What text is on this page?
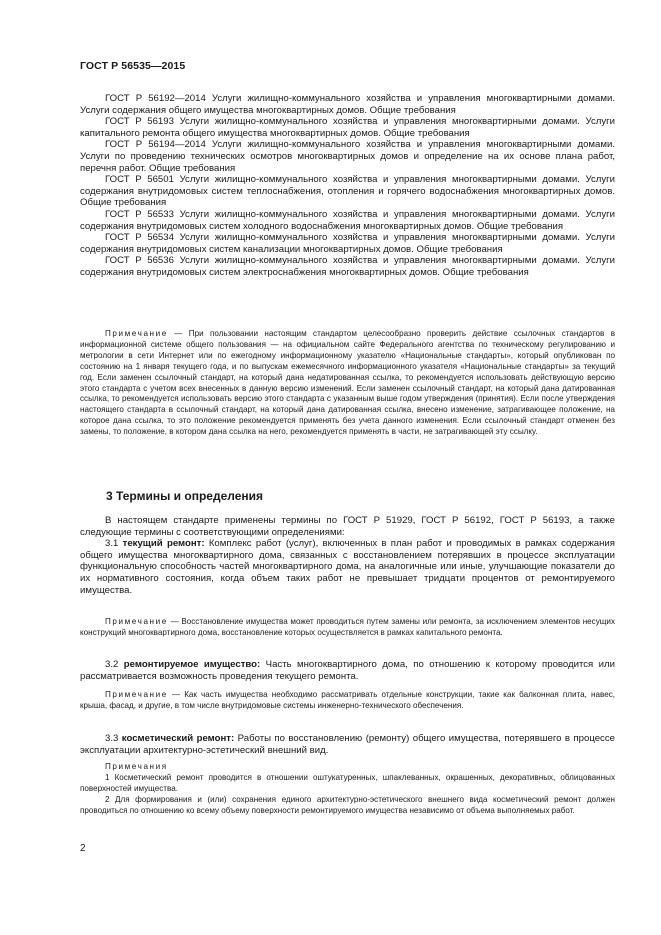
ГОСТ Р 56535—2015

ГОСТ Р 56192—2014 Услуги жилищно-коммунального хозяйства и управления многоквартирными домами. Услуги содержания общего имущества многоквартирных домов. Общие требования

ГОСТ Р 56193 Услуги жилищно-коммунального хозяйства и управления многоквартирными домами. Услуги капитального ремонта общего имущества многоквартирных домов. Общие требования

ГОСТ Р 56194—2014 Услуги жилищно-коммунального хозяйства и управления многоквартирными домами. Услуги по проведению технических осмотров многоквартирных домов и определение на их основе плана работ, перечня работ. Общие требования

ГОСТ Р 56501 Услуги жилищно-коммунального хозяйства и управления многоквартирными домами. Услуги содержания внутридомовых систем теплоснабжения, отопления и горячего водоснабжения многоквартирных домов. Общие требования

ГОСТ Р 56533 Услуги жилищно-коммунального хозяйства и управления многоквартирными домами. Услуги содержания внутридомовых систем холодного водоснабжения многоквартирных домов. Общие требования

ГОСТ Р 56534 Услуги жилищно-коммунального хозяйства и управления многоквартирными домами. Услуги содержания внутридомовых систем канализации многоквартирных домов. Общие требования

ГОСТ Р 56536 Услуги жилищно-коммунального хозяйства и управления многоквартирными домами. Услуги содержания внутридомовых систем электроснабжения многоквартирных домов. Общие требования

Примечание — При пользовании настоящим стандартом целесообразно проверить действие ссылочных стандартов в информационной системе общего пользования — на официальном сайте Федерального агентства по техническому регулированию и метрологии в сети Интернет или по ежегодному информационному указателю «Национальные стандарты», который опубликован по состоянию на 1 января текущего года, и по выпускам ежемесячного информационного указателя «Национальные стандарты» за текущий год. Если заменен ссылочный стандарт, на который дана недатированная ссылка, то рекомендуется использовать действующую версию этого стандарта с учетом всех внесенных в данную версию изменений. Если заменен ссылочный стандарт, на который дана датированная ссылка, то рекомендуется использовать версию этого стандарта с указанным выше годом утверждения (принятия). Если после утверждения настоящего стандарта в ссылочный стандарт, на который дана датированная ссылка, внесено изменение, затрагивающее положение, на которое дана ссылка, то это положение рекомендуется применять без учета данного изменения. Если ссылочный стандарт отменен без замены, то положение, в котором дана ссылка на него, рекомендуется применять в части, не затрагивающей эту ссылку.

3 Термины и определения

В настоящем стандарте применены термины по ГОСТ Р 51929, ГОСТ Р 56192, ГОСТ Р 56193, а также следующие термины с соответствующими определениями:

3.1 текущий ремонт: Комплекс работ (услуг), включенных в план работ и проводимых в рамках содержания общего имущества многоквартирного дома, связанных с восстановлением потерявших в процессе эксплуатации функциональную способность частей многоквартирного дома, на аналогичные или иные, улучшающие показатели до их нормативного состояния, когда объем таких работ не превышает тридцати процентов от ремонтируемого имущества.

Примечание — Восстановление имущества может проводиться путем замены или ремонта, за исключением элементов несущих конструкций многоквартирного дома, восстановление которых осуществляется в рамках капитального ремонта.

3.2 ремонтируемое имущество: Часть многоквартирного дома, по отношению к которому проводится или рассматривается возможность проведения текущего ремонта.

Примечание — Как часть имущества необходимо рассматривать отдельные конструкции, такие как балконная плита, навес, крыша, фасад, и другие, в том числе внутридомовые системы инженерно-технического обеспечения.

3.3 косметический ремонт: Работы по восстановлению (ремонту) общего имущества, потерявшего в процессе эксплуатации архитектурно-эстетический внешний вид.

Примечания

1 Косметический ремонт проводится в отношении оштукатуренных, шпаклеванных, окрашенных, декоративных, облицованных поверхностей имущества.

2 Для формирования и (или) сохранения единого архитектурно-эстетического внешнего вида косметический ремонт должен проводиться по отношению ко всему объему поверхности ремонтируемого имущества независимо от объема выполняемых работ.

2
